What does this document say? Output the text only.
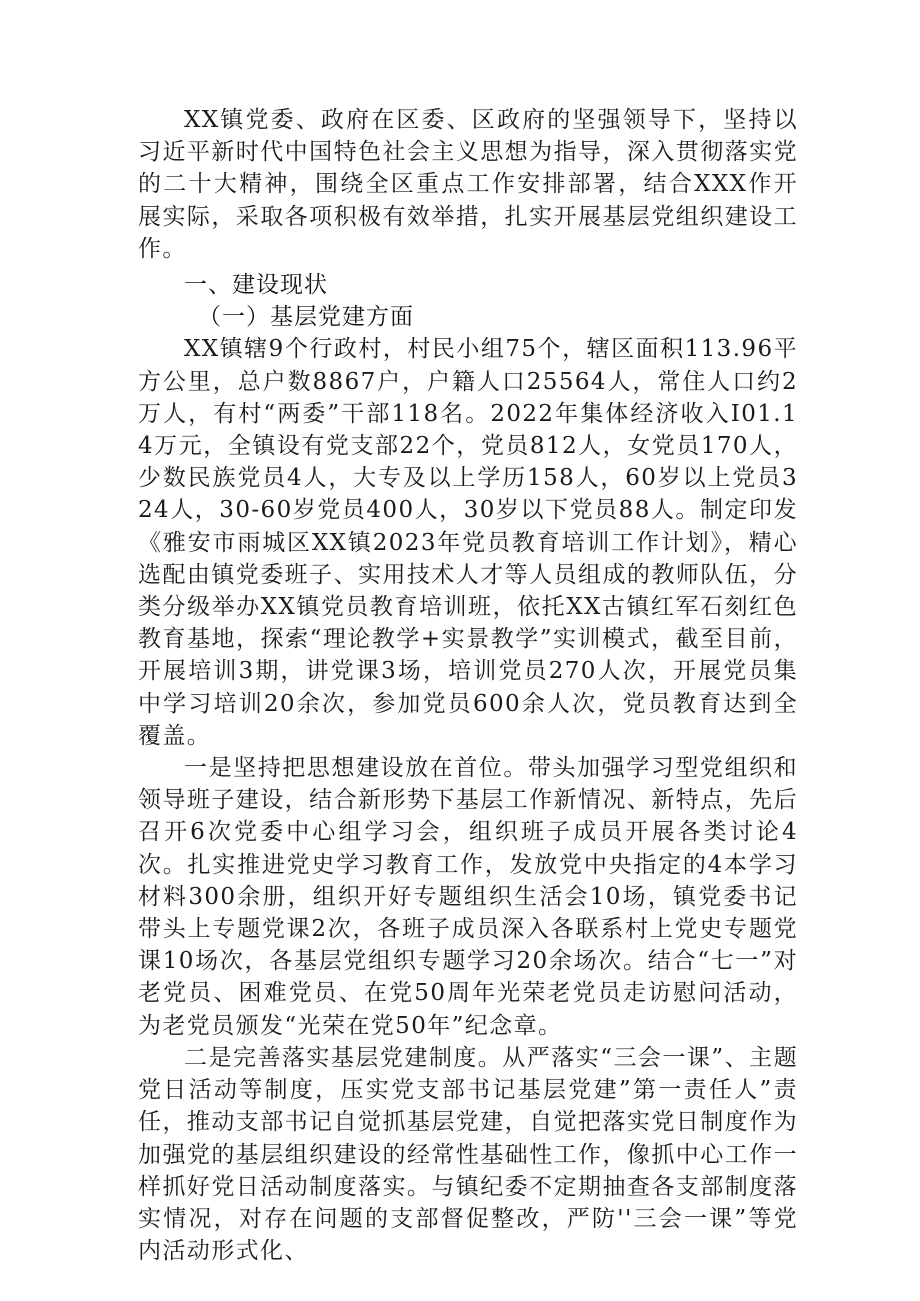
XX镇党委、政府在区委、区政府的坚强领导下，坚持以习近平新时代中国特色社会主义思想为指导，深入贯彻落实党的二十大精神，围绕全区重点工作安排部署，结合XXX作开展实际，采取各项积极有效举措，扎实开展基层党组织建设工作。

一、建设现状

（一）基层党建方面

XX镇辖9个行政村，村民小组75个，辖区面积113.96平方公里，总户数8867户，户籍人口25564人，常住人口约2万人，有村“两委”干部118名。2022年集体经济收入I01.14万元，全镇设有党支部22个，党员812人，女党员170人，少数民族党员4人，大专及以上学历158人，60岁以上党员324人，30-60岁党员400人，30岁以下党员88人。制定印发《雅安市雨城区XX镇2023年党员教育培训工作计划》，精心选配由镇党委班子、实用技术人才等人员组成的教师队伍，分类分级举办XX镇党员教育培训班，依托XX古镇红军石刻红色教育基地，探索“理论教学+实景教学”实训模式，截至目前，开展培训3期，讲党课3场，培训党员270人次，开展党员集中学习培训20余次，参加党员600余人次，党员教育达到全覆盖。

一是坚持把思想建设放在首位。带头加强学习型党组织和领导班子建设，结合新形势下基层工作新情况、新特点，先后召开6次党委中心组学习会，组织班子成员开展各类讨论4次。扎实推进党史学习教育工作，发放党中央指定的4本学习材料300余册，组织开好专题组织生活会10场，镇党委书记带头上专题党课2次，各班子成员深入各联系村上党史专题党课10场次，各基层党组织专题学习20余场次。结合“七一”对老党员、困难党员、在党50周年光荣老党员走访慰问活动，为老党员颁发“光荣在党50年”纪念章。

二是完善落实基层党建制度。从严落实“三会一课”、主题党日活动等制度，压实党支部书记基层党建”第一责任人”责任，推动支部书记自觉抓基层党建，自觉把落实党日制度作为加强党的基层组织建设的经常性基础性工作，像抓中心工作一样抓好党日活动制度落实。与镇纪委不定期抽查各支部制度落实情况，对存在问题的支部督促整改，严防''三会一课”等党内活动形式化、
